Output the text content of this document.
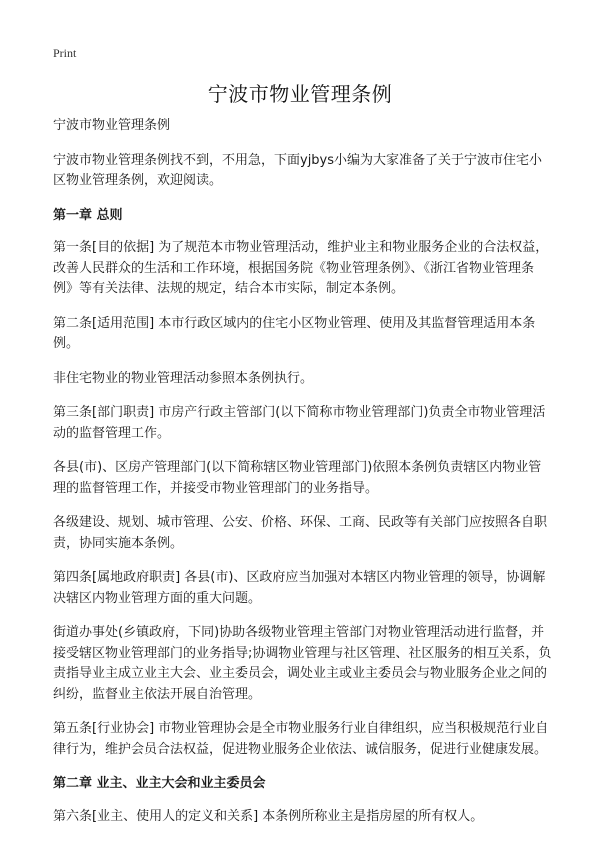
Print
宁波市物业管理条例

宁波市物业管理条例

宁波市物业管理条例找不到，不用急，下面yjbys小编为大家准备了关于宁波市住宅小区物业管理条例，欢迎阅读。

第一章 总则

第一条[目的依据] 为了规范本市物业管理活动，维护业主和物业服务企业的合法权益，改善人民群众的生活和工作环境，根据国务院《物业管理条例》、《浙江省物业管理条例》等有关法律、法规的规定，结合本市实际，制定本条例。

第二条[适用范围] 本市行政区域内的住宅小区物业管理、使用及其监督管理适用本条例。

非住宅物业的物业管理活动参照本条例执行。

第三条[部门职责] 市房产行政主管部门(以下简称市物业管理部门)负责全市物业管理活动的监督管理工作。

各县(市)、区房产管理部门(以下简称辖区物业管理部门)依照本条例负责辖区内物业管理的监督管理工作，并接受市物业管理部门的业务指导。

各级建设、规划、城市管理、公安、价格、环保、工商、民政等有关部门应按照各自职责，协同实施本条例。

第四条[属地政府职责] 各县(市)、区政府应当加强对本辖区内物业管理的领导，协调解决辖区内物业管理方面的重大问题。

街道办事处(乡镇政府，下同)协助各级物业管理主管部门对物业管理活动进行监督，并接受辖区物业管理部门的业务指导;协调物业管理与社区管理、社区服务的相互关系，负责指导业主成立业主大会、业主委员会，调处业主或业主委员会与物业服务企业之间的纠纷，监督业主依法开展自治管理。

第五条[行业协会] 市物业管理协会是全市物业服务行业自律组织，应当积极规范行业自律行为，维护会员合法权益，促进物业服务企业依法、诚信服务，促进行业健康发展。

第二章 业主、业主大会和业主委员会

第六条[业主、使用人的定义和关系] 本条例所称业主是指房屋的所有权人。
